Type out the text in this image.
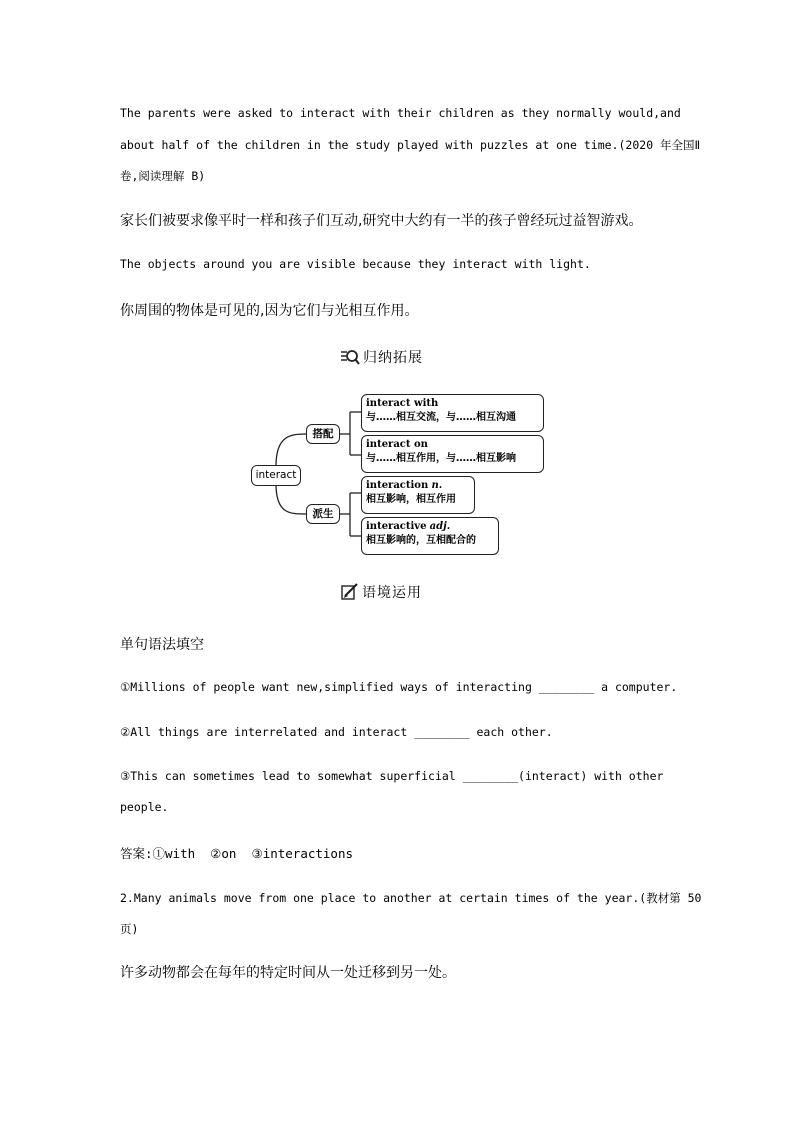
The parents were asked to interact with their children as they normally would,and
about half of the children in the study played with puzzles at one time.(2020 年全国Ⅱ
卷,阅读理解 B)
家长们被要求像平时一样和孩子们互动,研究中大约有一半的孩子曾经玩过益智游戏。
The objects around you are visible because they interact with light.
你周围的物体是可见的,因为它们与光相互作用。
归纳拓展
interact
搭配
派生
interact with
与……相互交流，与……相互沟通
interact on
与……相互作用，与……相互影响
interaction n.
相互影响，相互作用
interactive adj.
相互影响的，互相配合的
语境运用
单句语法填空
①Millions of people want new,simplified ways of interacting ________ a computer.
②All things are interrelated and interact ________ each other.
③This can sometimes lead to somewhat superficial ________(interact) with other
people.
答案:①with  ②on  ③interactions
2.Many animals move from one place to another at certain times of the year.(教材第 50
页)
许多动物都会在每年的特定时间从一处迁移到另一处。
